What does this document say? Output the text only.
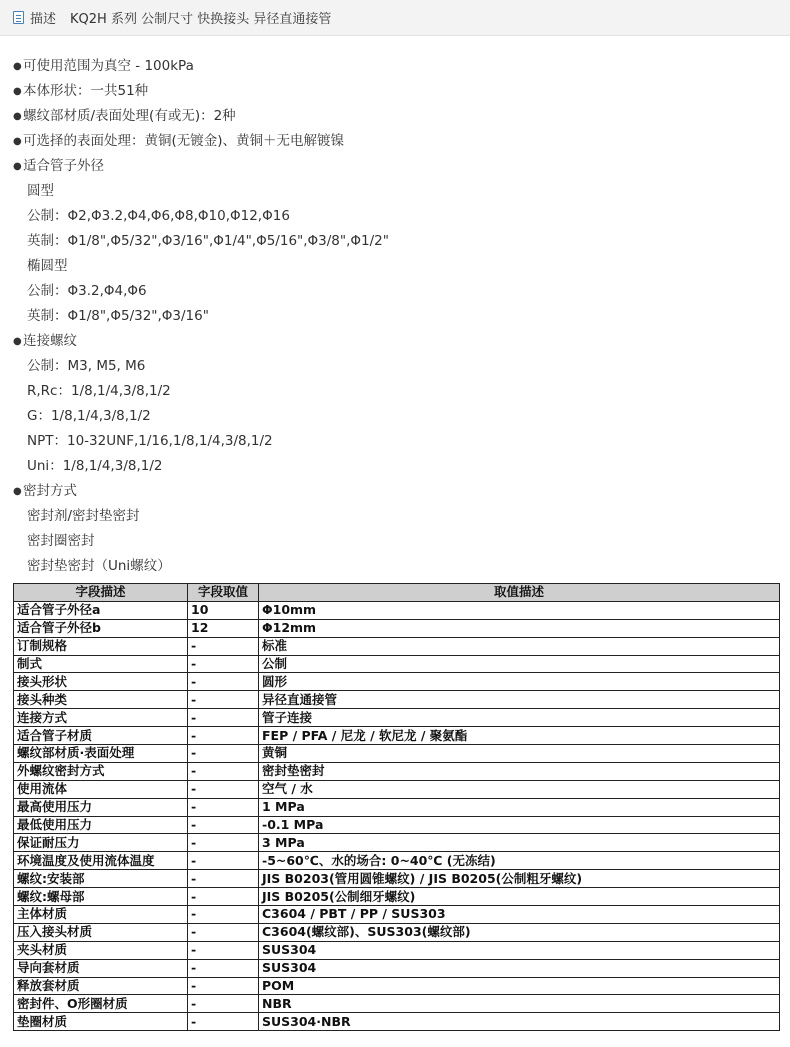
描述 KQ2H 系列 公制尺寸 快换接头 异径直通接管
●可使用范围为真空 - 100kPa
●本体形状：一共51种
●螺纹部材质/表面处理(有或无)：2种
●可选择的表面处理：黄铜(无镀金)、黄铜＋无电解镀镍
●适合管子外径
圆型
公制：Φ2,Φ3.2,Φ4,Φ6,Φ8,Φ10,Φ12,Φ16
英制：Φ1/8",Φ5/32",Φ3/16",Φ1/4",Φ5/16",Φ3/8",Φ1/2"
椭圆型
公制：Φ3.2,Φ4,Φ6
英制：Φ1/8",Φ5/32",Φ3/16"
●连接螺纹
公制：M3, M5, M6
R,Rc：1/8,1/4,3/8,1/2
G：1/8,1/4,3/8,1/2
NPT：10-32UNF,1/16,1/8,1/4,3/8,1/2
Uni：1/8,1/4,3/8,1/2
●密封方式
密封剂/密封垫密封
密封圈密封
密封垫密封（Uni螺纹）
字段描述	字段取值	取值描述
适合管子外径a	10	Φ10mm
适合管子外径b	12	Φ12mm
订制规格	-	标准
制式	-	公制
接头形状	-	圆形
接头种类	-	异径直通接管
连接方式	-	管子连接
适合管子材质	-	FEP / PFA / 尼龙 / 软尼龙 / 聚氨酯
螺纹部材质·表面处理	-	黄铜
外螺纹密封方式	-	密封垫密封
使用流体	-	空气 / 水
最高使用压力	-	1 MPa
最低使用压力	-	-0.1 MPa
保证耐压力	-	3 MPa
环境温度及使用流体温度	-	-5~60℃、水的场合: 0~40℃ (无冻结)
螺纹:安装部	-	JIS B0203(管用圆锥螺纹) / JIS B0205(公制粗牙螺纹)
螺纹:螺母部	-	JIS B0205(公制细牙螺纹)
主体材质	-	C3604 / PBT / PP / SUS303
压入接头材质	-	C3604(螺纹部)、SUS303(螺纹部)
夹头材质	-	SUS304
导向套材质	-	SUS304
释放套材质	-	POM
密封件、O形圈材质	-	NBR
垫圈材质	-	SUS304·NBR
